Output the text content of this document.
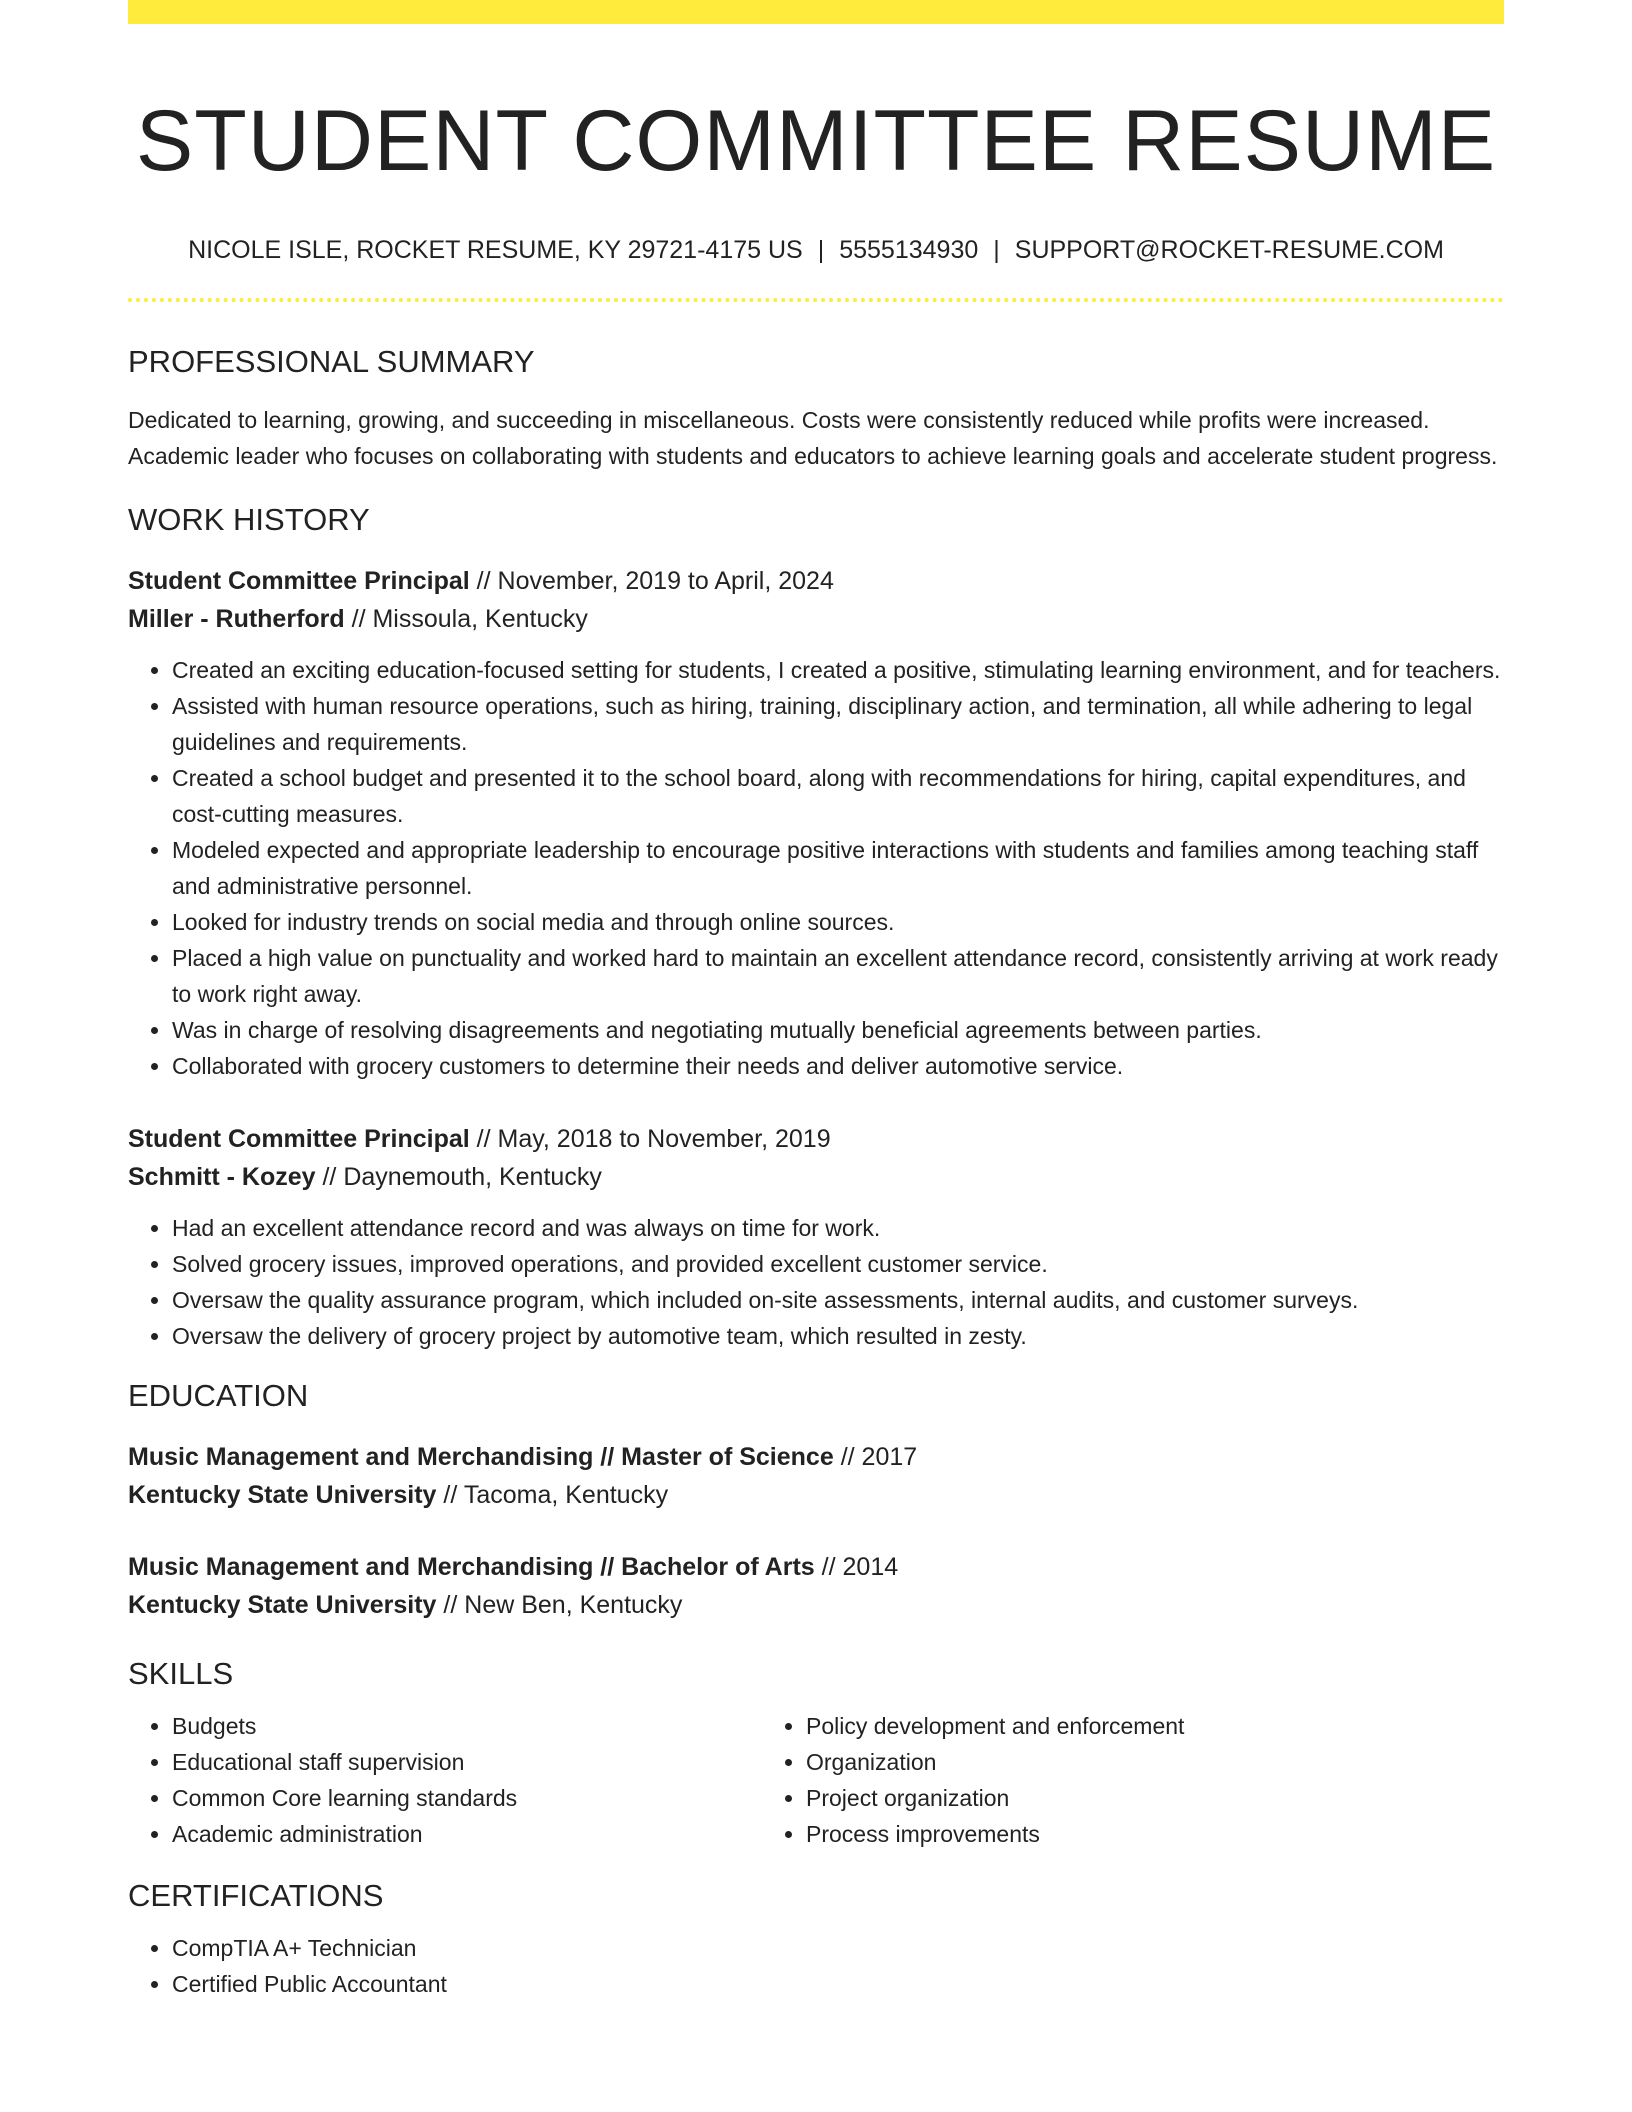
STUDENT COMMITTEE RESUME
NICOLE ISLE, ROCKET RESUME, KY 29721-4175 US | 5555134930 | SUPPORT@ROCKET-RESUME.COM
PROFESSIONAL SUMMARY

Dedicated to learning, growing, and succeeding in miscellaneous. Costs were consistently reduced while profits were increased. Academic leader who focuses on collaborating with students and educators to achieve learning goals and accelerate student progress.

WORK HISTORY
Student Committee Principal // November, 2019 to April, 2024
Miller - Rutherford // Missoula, Kentucky
• Created an exciting education-focused setting for students, I created a positive, stimulating learning environment, and for teachers.
• Assisted with human resource operations, such as hiring, training, disciplinary action, and termination, all while adhering to legal guidelines and requirements.
• Created a school budget and presented it to the school board, along with recommendations for hiring, capital expenditures, and cost-cutting measures.
• Modeled expected and appropriate leadership to encourage positive interactions with students and families among teaching staff and administrative personnel.
• Looked for industry trends on social media and through online sources.
• Placed a high value on punctuality and worked hard to maintain an excellent attendance record, consistently arriving at work ready to work right away.
• Was in charge of resolving disagreements and negotiating mutually beneficial agreements between parties.
• Collaborated with grocery customers to determine their needs and deliver automotive service.
Student Committee Principal // May, 2018 to November, 2019
Schmitt - Kozey // Daynemouth, Kentucky
• Had an excellent attendance record and was always on time for work.
• Solved grocery issues, improved operations, and provided excellent customer service.
• Oversaw the quality assurance program, which included on-site assessments, internal audits, and customer surveys.
• Oversaw the delivery of grocery project by automotive team, which resulted in zesty.
EDUCATION
Music Management and Merchandising // Master of Science // 2017
Kentucky State University // Tacoma, Kentucky
Music Management and Merchandising // Bachelor of Arts // 2014
Kentucky State University // New Ben, Kentucky
SKILLS
• Budgets
• Educational staff supervision
• Common Core learning standards
• Academic administration
• Policy development and enforcement
• Organization
• Project organization
• Process improvements
CERTIFICATIONS
• CompTIA A+ Technician
• Certified Public Accountant
